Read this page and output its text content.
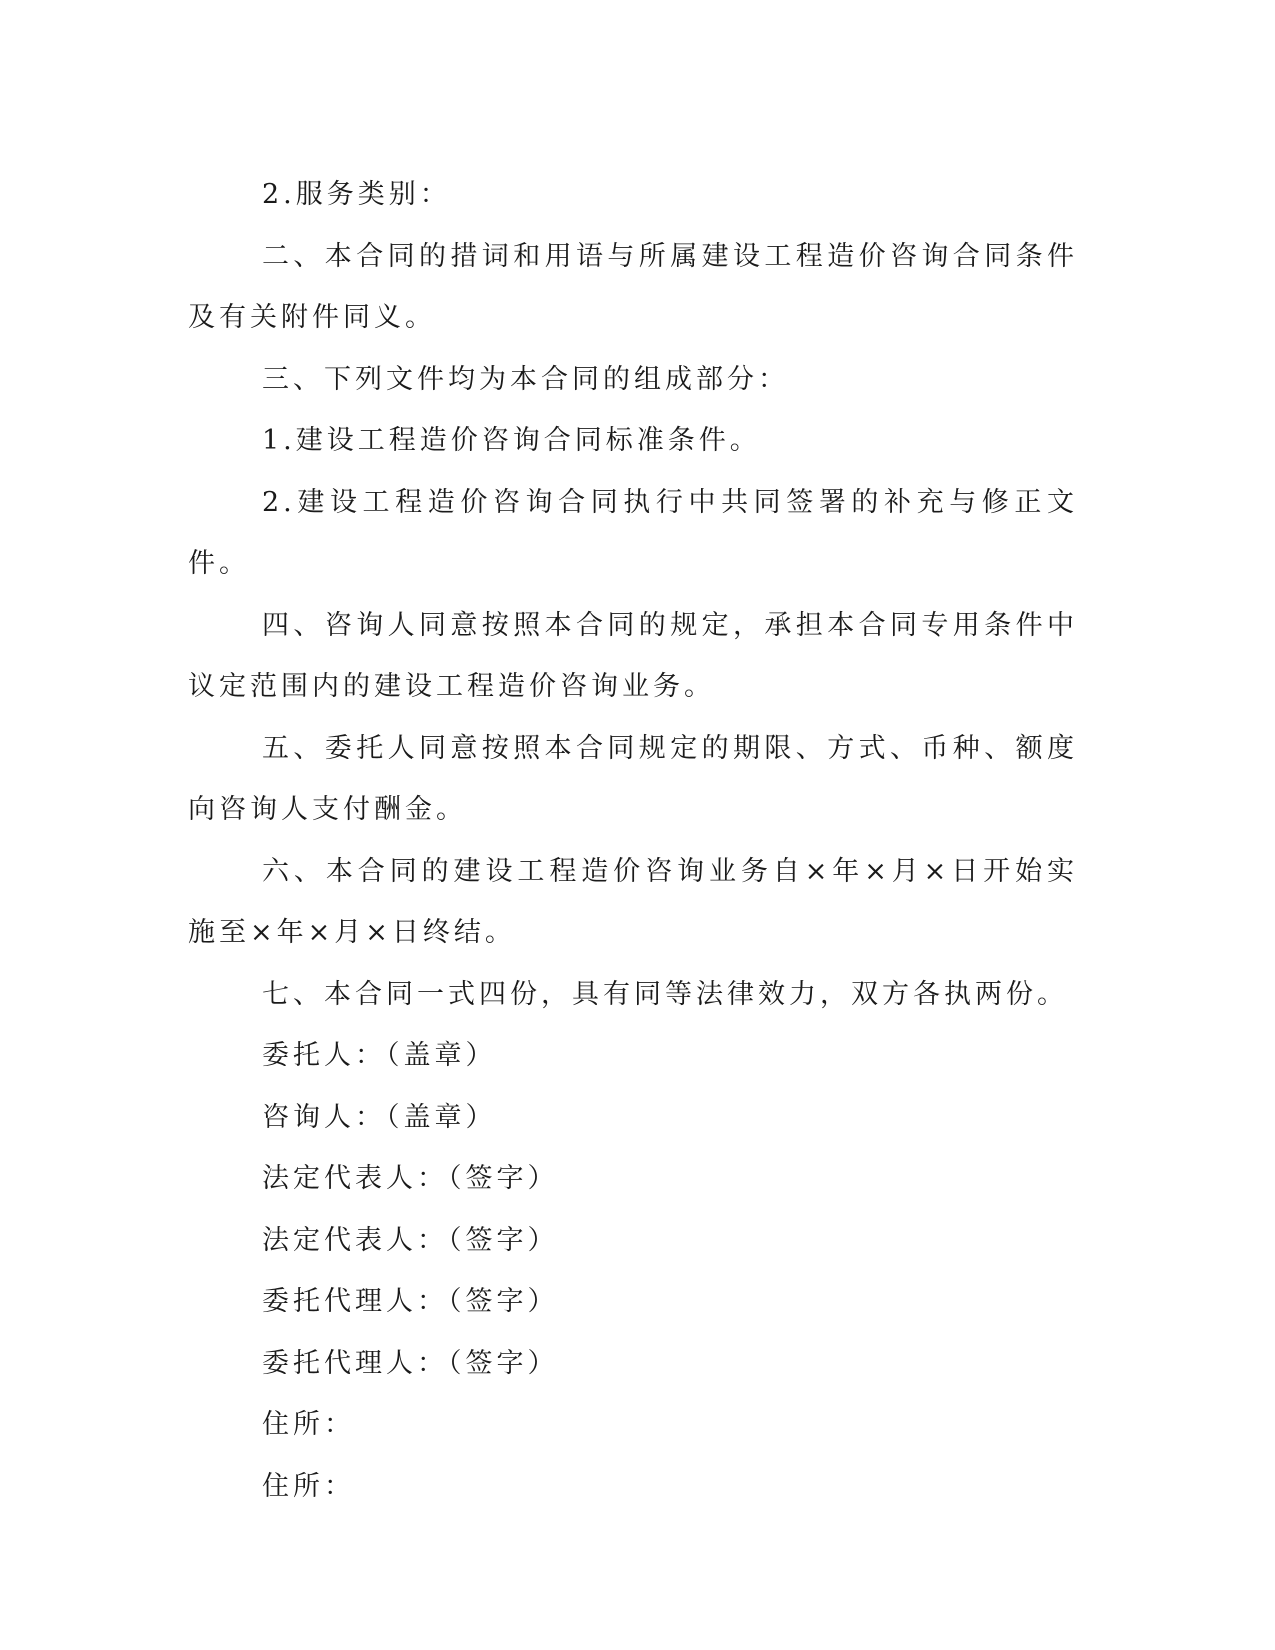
2.服务类别：

二、本合同的措词和用语与所属建设工程造价咨询合同条件及有关附件同义。

三、下列文件均为本合同的组成部分：

1.建设工程造价咨询合同标准条件。

2.建设工程造价咨询合同执行中共同签署的补充与修正文件。

四、咨询人同意按照本合同的规定，承担本合同专用条件中议定范围内的建设工程造价咨询业务。

五、委托人同意按照本合同规定的期限、方式、币种、额度向咨询人支付酬金。

六、本合同的建设工程造价咨询业务自×年×月×日开始实施至×年×月×日终结。

七、本合同一式四份，具有同等法律效力，双方各执两份。

委托人：（盖章）

咨询人：（盖章）

法定代表人：（签字）

法定代表人：（签字）

委托代理人：（签字）

委托代理人：（签字）

住所：

住所：
